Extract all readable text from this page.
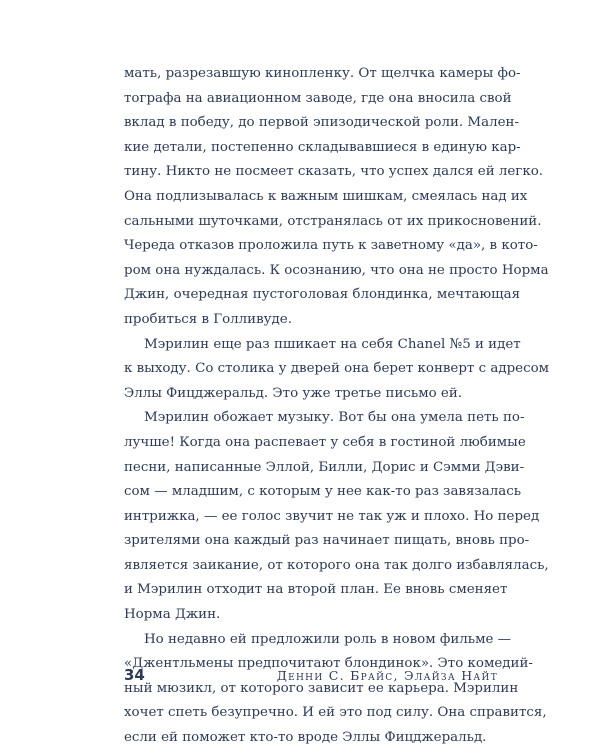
мать, разрезавшую кинопленку. От щелчка камеры фо-
тографа на авиационном заводе, где она вносила свой
вклад в победу, до первой эпизодической роли. Мален-
кие детали, постепенно складывавшиеся в единую кар-
тину. Никто не посмеет сказать, что успех дался ей легко.
Она подлизывалась к важным шишкам, смеялась над их
сальными шуточками, отстранялась от их прикосновений.
Череда отказов проложила путь к заветному «да», в кото-
ром она нуждалась. К осознанию, что она не просто Норма
Джин, очередная пустоголовая блондинка, мечтающая
пробиться в Голливуде.
Мэрилин еще раз пшикает на себя Chanel №5 и идет
к выходу. Со столика у дверей она берет конверт с адресом
Эллы Фицджеральд. Это уже третье письмо ей.
Мэрилин обожает музыку. Вот бы она умела петь по-
лучше! Когда она распевает у себя в гостиной любимые
песни, написанные Эллой, Билли, Дорис и Сэмми Дэви-
сом — младшим, с которым у нее как-то раз завязалась
интрижка, — ее голос звучит не так уж и плохо. Но перед
зрителями она каждый раз начинает пищать, вновь про-
является заикание, от которого она так долго избавлялась,
и Мэрилин отходит на второй план. Ее вновь сменяет
Норма Джин.
Но недавно ей предложили роль в новом фильме —
«Джентльмены предпочитают блондинок». Это комедий-
ный мюзикл, от которого зависит ее карьера. Мэрилин
хочет спеть безупречно. И ей это под силу. Она справится,
если ей поможет кто-то вроде Эллы Фицджеральд.
34	Денни С. Брайс, Элайза Найт
